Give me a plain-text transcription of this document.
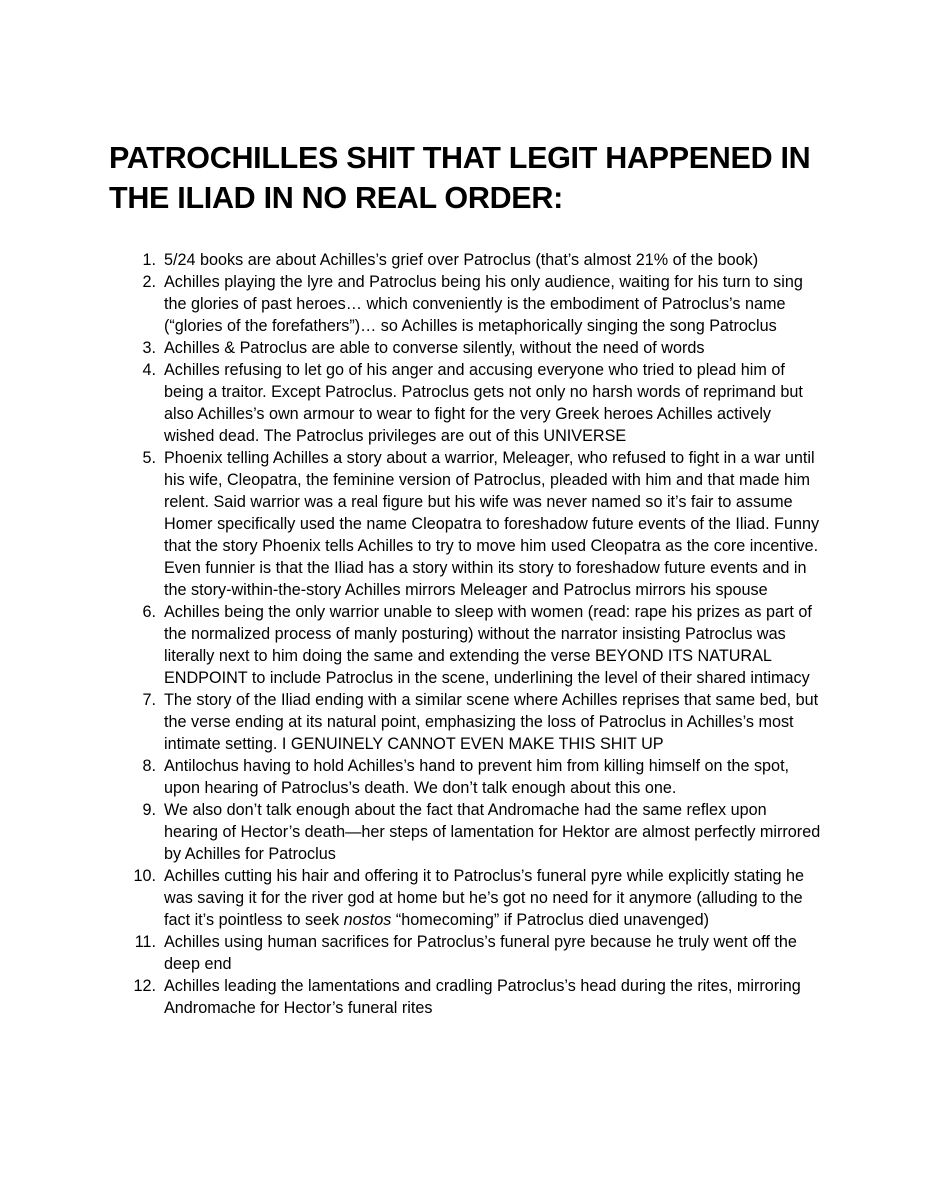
PATROCHILLES SHIT THAT LEGIT HAPPENED IN THE ILIAD IN NO REAL ORDER:
1. 5/24 books are about Achilles’s grief over Patroclus (that’s almost 21% of the book)
2. Achilles playing the lyre and Patroclus being his only audience, waiting for his turn to sing the glories of past heroes… which conveniently is the embodiment of Patroclus’s name (“glories of the forefathers”)… so Achilles is metaphorically singing the song Patroclus
3. Achilles & Patroclus are able to converse silently, without the need of words
4. Achilles refusing to let go of his anger and accusing everyone who tried to plead him of being a traitor. Except Patroclus. Patroclus gets not only no harsh words of reprimand but also Achilles’s own armour to wear to fight for the very Greek heroes Achilles actively wished dead. The Patroclus privileges are out of this UNIVERSE
5. Phoenix telling Achilles a story about a warrior, Meleager, who refused to fight in a war until his wife, Cleopatra, the feminine version of Patroclus, pleaded with him and that made him relent. Said warrior was a real figure but his wife was never named so it’s fair to assume Homer specifically used the name Cleopatra to foreshadow future events of the Iliad. Funny that the story Phoenix tells Achilles to try to move him used Cleopatra as the core incentive. Even funnier is that the Iliad has a story within its story to foreshadow future events and in the story-within-the-story Achilles mirrors Meleager and Patroclus mirrors his spouse
6. Achilles being the only warrior unable to sleep with women (read: rape his prizes as part of the normalized process of manly posturing) without the narrator insisting Patroclus was literally next to him doing the same and extending the verse BEYOND ITS NATURAL ENDPOINT to include Patroclus in the scene, underlining the level of their shared intimacy
7. The story of the Iliad ending with a similar scene where Achilles reprises that same bed, but the verse ending at its natural point, emphasizing the loss of Patroclus in Achilles’s most intimate setting. I GENUINELY CANNOT EVEN MAKE THIS SHIT UP
8. Antilochus having to hold Achilles’s hand to prevent him from killing himself on the spot, upon hearing of Patroclus’s death. We don’t talk enough about this one.
9. We also don’t talk enough about the fact that Andromache had the same reflex upon hearing of Hector’s death—her steps of lamentation for Hektor are almost perfectly mirrored by Achilles for Patroclus
10. Achilles cutting his hair and offering it to Patroclus’s funeral pyre while explicitly stating he was saving it for the river god at home but he’s got no need for it anymore (alluding to the fact it’s pointless to seek nostos “homecoming” if Patroclus died unavenged)
11. Achilles using human sacrifices for Patroclus’s funeral pyre because he truly went off the deep end
12. Achilles leading the lamentations and cradling Patroclus’s head during the rites, mirroring Andromache for Hector’s funeral rites
